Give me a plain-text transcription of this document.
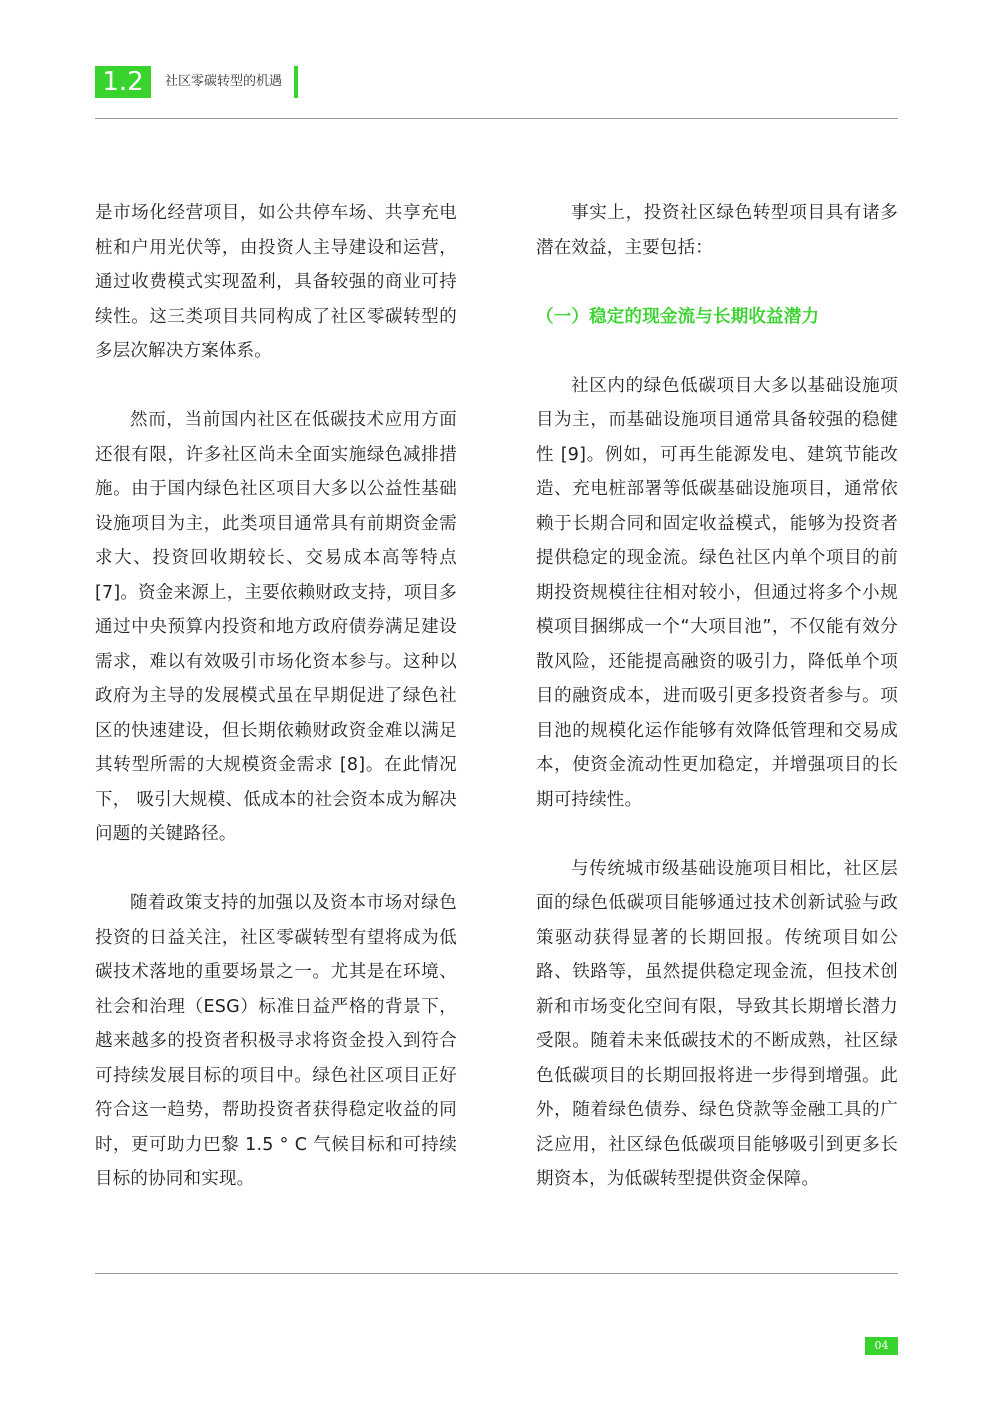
1.2	社区零碳转型的机遇

是市场化经营项目，如公共停车场、共享充电桩和户用光伏等，由投资人主导建设和运营，通过收费模式实现盈利，具备较强的商业可持续性。这三类项目共同构成了社区零碳转型的多层次解决方案体系。

然而，当前国内社区在低碳技术应用方面还很有限，许多社区尚未全面实施绿色减排措施。由于国内绿色社区项目大多以公益性基础设施项目为主，此类项目通常具有前期资金需求大、投资回收期较长、交易成本高等特点 [7]。资金来源上，主要依赖财政支持，项目多通过中央预算内投资和地方政府债券满足建设需求，难以有效吸引市场化资本参与。这种以政府为主导的发展模式虽在早期促进了绿色社区的快速建设，但长期依赖财政资金难以满足其转型所需的大规模资金需求 [8]。在此情况下， 吸引大规模、低成本的社会资本成为解决问题的关键路径。

随着政策支持的加强以及资本市场对绿色投资的日益关注，社区零碳转型有望将成为低碳技术落地的重要场景之一。尤其是在环境、社会和治理（ESG）标准日益严格的背景下，越来越多的投资者积极寻求将资金投入到符合可持续发展目标的项目中。绿色社区项目正好符合这一趋势，帮助投资者获得稳定收益的同时，更可助力巴黎 1.5 ° C 气候目标和可持续目标的协同和实现。

事实上，投资社区绿色转型项目具有诸多潜在效益，主要包括：

（一）稳定的现金流与长期收益潜力

社区内的绿色低碳项目大多以基础设施项目为主，而基础设施项目通常具备较强的稳健性 [9]。例如，可再生能源发电、建筑节能改造、充电桩部署等低碳基础设施项目，通常依赖于长期合同和固定收益模式，能够为投资者提供稳定的现金流。绿色社区内单个项目的前期投资规模往往相对较小，但通过将多个小规模项目捆绑成一个“大项目池”，不仅能有效分散风险，还能提高融资的吸引力，降低单个项目的融资成本，进而吸引更多投资者参与。项目池的规模化运作能够有效降低管理和交易成本，使资金流动性更加稳定，并增强项目的长期可持续性。

与传统城市级基础设施项目相比，社区层面的绿色低碳项目能够通过技术创新试验与政策驱动获得显著的长期回报。传统项目如公路、铁路等，虽然提供稳定现金流，但技术创新和市场变化空间有限，导致其长期增长潜力受限。随着未来低碳技术的不断成熟，社区绿色低碳项目的长期回报将进一步得到增强。此外，随着绿色债券、绿色贷款等金融工具的广泛应用，社区绿色低碳项目能够吸引到更多长期资本，为低碳转型提供资金保障。

04
